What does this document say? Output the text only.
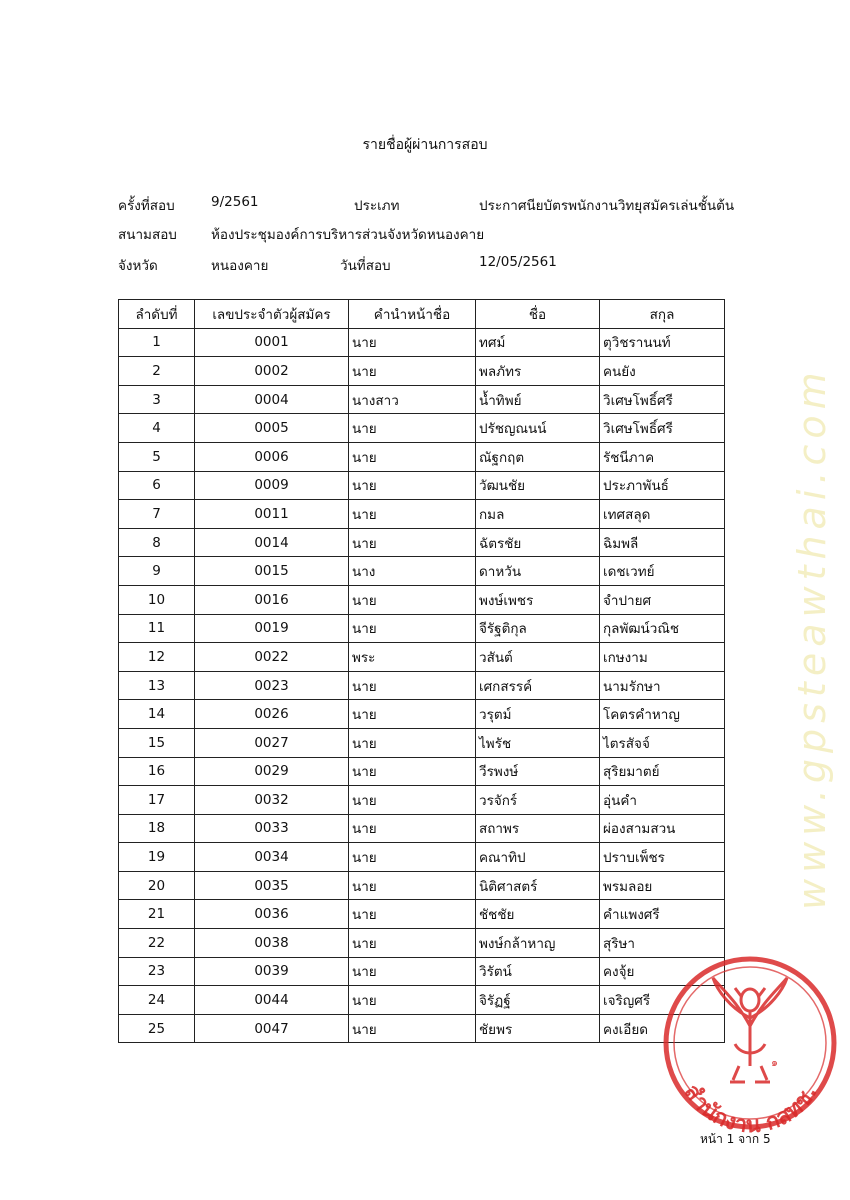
รายชื่อผู้ผ่านการสอบ
ครั้งที่สอบ	9/2561	ประเภท	ประกาศนียบัตรพนักงานวิทยุสมัครเล่นชั้นต้น
สนามสอบ	ห้องประชุมองค์การบริหารส่วนจังหวัดหนองคาย
จังหวัด	หนองคาย	วันที่สอบ	12/05/2561
ลำดับที่	เลขประจำตัวผู้สมัคร	คำนำหน้าชื่อ	ชื่อ	สกุล
1	0001	นาย	ทศม์	ตุวิชรานนท์
2	0002	นาย	พลภัทร	คนยัง
3	0004	นางสาว	น้ำทิพย์	วิเศษโพธิ์ศรี
4	0005	นาย	ปรัชญณนน์	วิเศษโพธิ์ศรี
5	0006	นาย	ณัฐกฤต	รัชนีภาค
6	0009	นาย	วัฒนชัย	ประภาพันธ์
7	0011	นาย	กมล	เทศสลุด
8	0014	นาย	ฉัตรชัย	ฉิมพลี
9	0015	นาง	ดาหวัน	เดชเวทย์
10	0016	นาย	พงษ์เพชร	จำปายศ
11	0019	นาย	จีรัฐติกุล	กุลพัฒน์วณิช
12	0022	พระ	วสันต์	เกษงาม
13	0023	นาย	เศกสรรค์	นามรักษา
14	0026	นาย	วรุตม์	โคตรคำหาญ
15	0027	นาย	ไพรัช	ไตรสัจจ์
16	0029	นาย	วีรพงษ์	สุริยมาตย์
17	0032	นาย	วรจักร์	อุ่นคำ
18	0033	นาย	สถาพร	ผ่องสามสวน
19	0034	นาย	คณาทิป	ปราบเพ็ชร
20	0035	นาย	นิติศาสตร์	พรมลอย
21	0036	นาย	ชัชชัย	คำแพงศรี
22	0038	นาย	พงษ์กล้าหาญ	สุริษา
23	0039	นาย	วิรัตน์	คงจุ้ย
24	0044	นาย	จิรัฏฐ์	เจริญศรี
25	0047	นาย	ชัยพร	คงเอียด
www.gpsteawthai.com
๑
สำนักงาน กสทช.
หน้า 1 จาก 5
